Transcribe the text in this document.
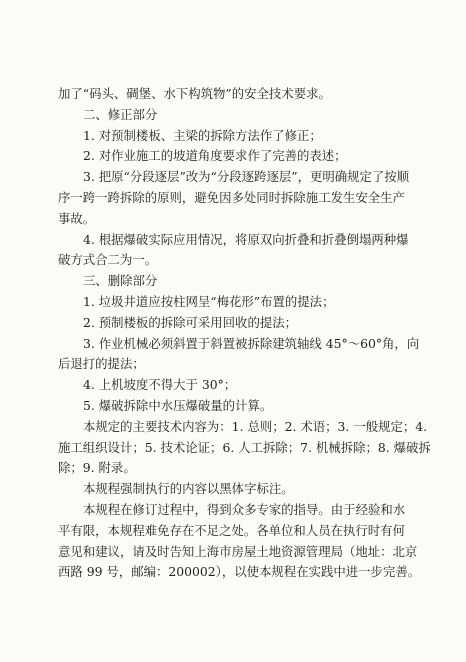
加了“码头、碉堡、水下构筑物”的安全技术要求。
二、修正部分
1. 对预制楼板、主梁的拆除方法作了修正；
2. 对作业施工的坡道角度要求作了完善的表述；
3. 把原“分段逐层”改为“分段逐跨逐层”，更明确规定了按顺
序一跨一跨拆除的原则，避免因多处同时拆除施工发生安全生产
事故。
4. 根据爆破实际应用情况，将原双向折叠和折叠倒塌两种爆
破方式合二为一。
三、删除部分
1. 垃圾井道应按柱网呈“梅花形”布置的提法；
2. 预制楼板的拆除可采用回收的提法；
3. 作业机械必须斜置于斜置被拆除建筑轴线 45°～60°角，向
后退打的提法；
4. 上机坡度不得大于 30°；
5. 爆破拆除中水压爆破量的计算。
本规定的主要技术内容为：1. 总则；2. 术语；3. 一般规定；4.
施工组织设计；5. 技术论证；6. 人工拆除；7. 机械拆除；8. 爆破拆
除；9. 附录。
本规程强制执行的内容以黑体字标注。
本规程在修订过程中，得到众多专家的指导。由于经验和水
平有限，本规程难免存在不足之处。各单位和人员在执行时有何
意见和建议，请及时告知上海市房屋土地资源管理局（地址：北京
西路 99 号，邮编：200002），以使本规程在实践中进一步完善。
